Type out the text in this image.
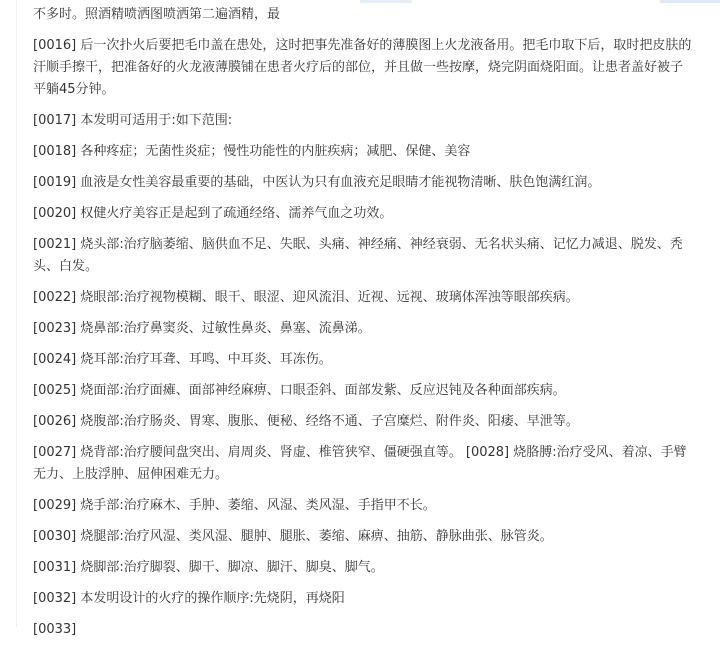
不多时。照酒精喷洒图喷洒第二遍酒精，最

[0016] 后一次扑火后要把毛巾盖在患处，这时把事先准备好的薄膜图上火龙液备用。把毛巾取下后，取时把皮肤的汗顺手擦干，把准备好的火龙液薄膜铺在患者火疗后的部位，并且做一些按摩，烧完阴面烧阳面。让患者盖好被子平躺45分钟。

[0017] 本发明可适用于:如下范围:

[0018] 各种疼症；无菌性炎症；慢性功能性的内脏疾病；减肥、保健、美容

[0019] 血液是女性美容最重要的基础，中医认为只有血液充足眼睛才能视物清晰、肤色饱满红润。

[0020] 权健火疗美容正是起到了疏通经络、濡养气血之功效。

[0021] 烧头部:治疗脑萎缩、脑供血不足、失眠、头痛、神经痛、神经衰弱、无名状头痛、记忆力减退、脱发、秃头、白发。

[0022] 烧眼部:治疗视物模糊、眼干、眼涩、迎风流泪、近视、远视、玻璃体浑浊等眼部疾病。

[0023] 烧鼻部:治疗鼻窦炎、过敏性鼻炎、鼻塞、流鼻涕。

[0024] 烧耳部:治疗耳聋、耳鸣、中耳炎、耳冻伤。

[0025] 烧面部:治疗面瘫、面部神经麻痹、口眼歪斜、面部发紫、反应迟钝及各种面部疾病。

[0026] 烧腹部:治疗肠炎、胃寒、腹胀、便秘、经络不通、子宫糜烂、附件炎、阳痿、早泄等。

[0027] 烧背部:治疗腰间盘突出、肩周炎、肾虚、椎管狭窄、僵硬强直等。 [0028] 烧胳膊:治疗受风、着凉、手臂无力、上肢浮肿、屈伸困难无力。

[0029] 烧手部:治疗麻木、手肿、萎缩、风湿、类风湿、手指甲不长。

[0030] 烧腿部:治疗风湿、类风湿、腿肿、腿胀、萎缩、麻痹、抽筋、静脉曲张、脉管炎。

[0031] 烧脚部:治疗脚裂、脚干、脚凉、脚汗、脚臭、脚气。

[0032] 本发明设计的火疗的操作顺序:先烧阴，再烧阳

[0033]
